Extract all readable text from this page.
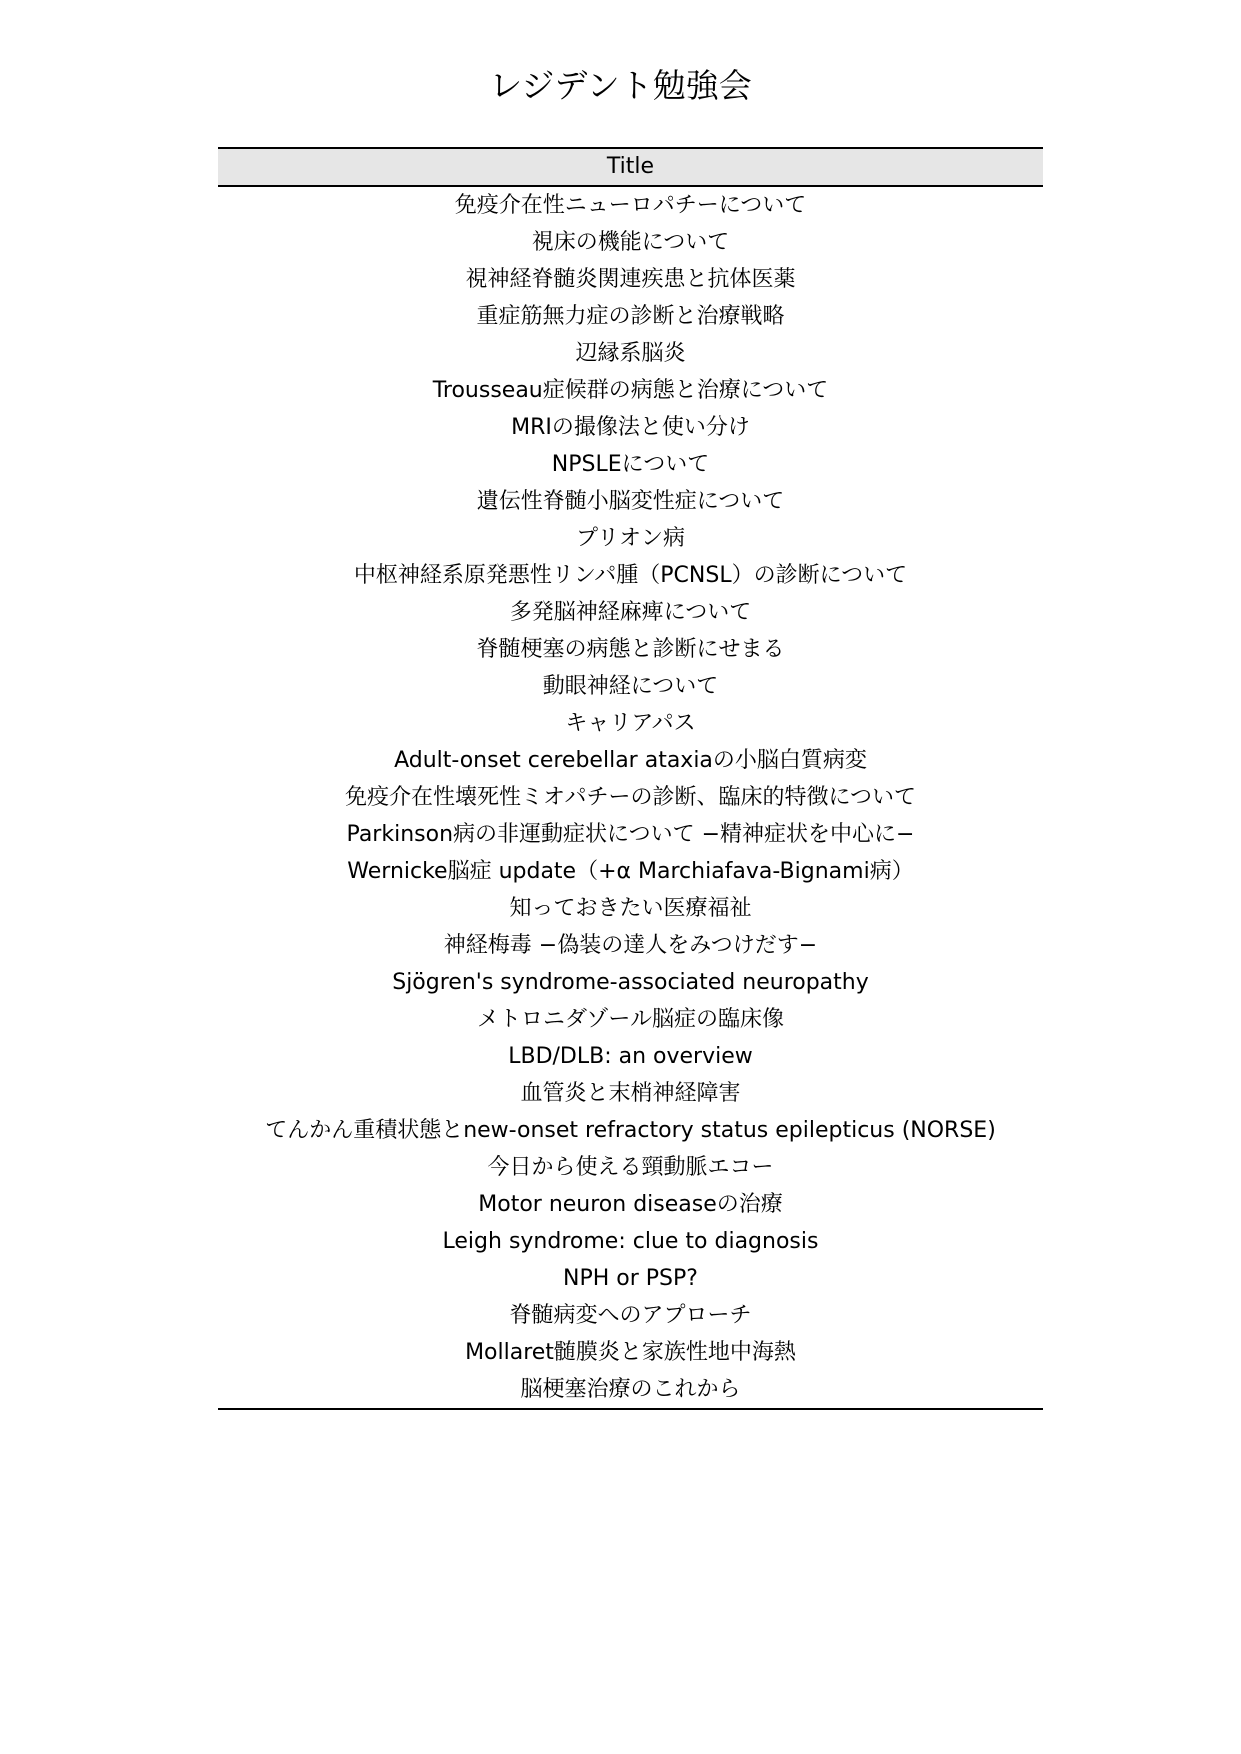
レジデント勉強会
Title
免疫介在性ニューロパチーについて
視床の機能について
視神経脊髄炎関連疾患と抗体医薬
重症筋無力症の診断と治療戦略
辺縁系脳炎
Trousseau症候群の病態と治療について
MRIの撮像法と使い分け
NPSLEについて
遺伝性脊髄小脳変性症について
プリオン病
中枢神経系原発悪性リンパ腫（PCNSL）の診断について
多発脳神経麻痺について
脊髄梗塞の病態と診断にせまる
動眼神経について
キャリアパス
Adult-onset cerebellar ataxiaの小脳白質病変
免疫介在性壊死性ミオパチーの診断、臨床的特徴について
Parkinson病の非運動症状について −精神症状を中心に−
Wernicke脳症 update（+α Marchiafava-Bignami病）
知っておきたい医療福祉
神経梅毒 −偽装の達人をみつけだす−
Sjögren's syndrome-associated neuropathy
メトロニダゾール脳症の臨床像
LBD/DLB: an overview
血管炎と末梢神経障害
てんかん重積状態とnew-onset refractory status epilepticus (NORSE)
今日から使える頸動脈エコー
Motor neuron diseaseの治療
Leigh syndrome: clue to diagnosis
NPH or PSP?
脊髄病変へのアプローチ
Mollaret髄膜炎と家族性地中海熱
脳梗塞治療のこれから
